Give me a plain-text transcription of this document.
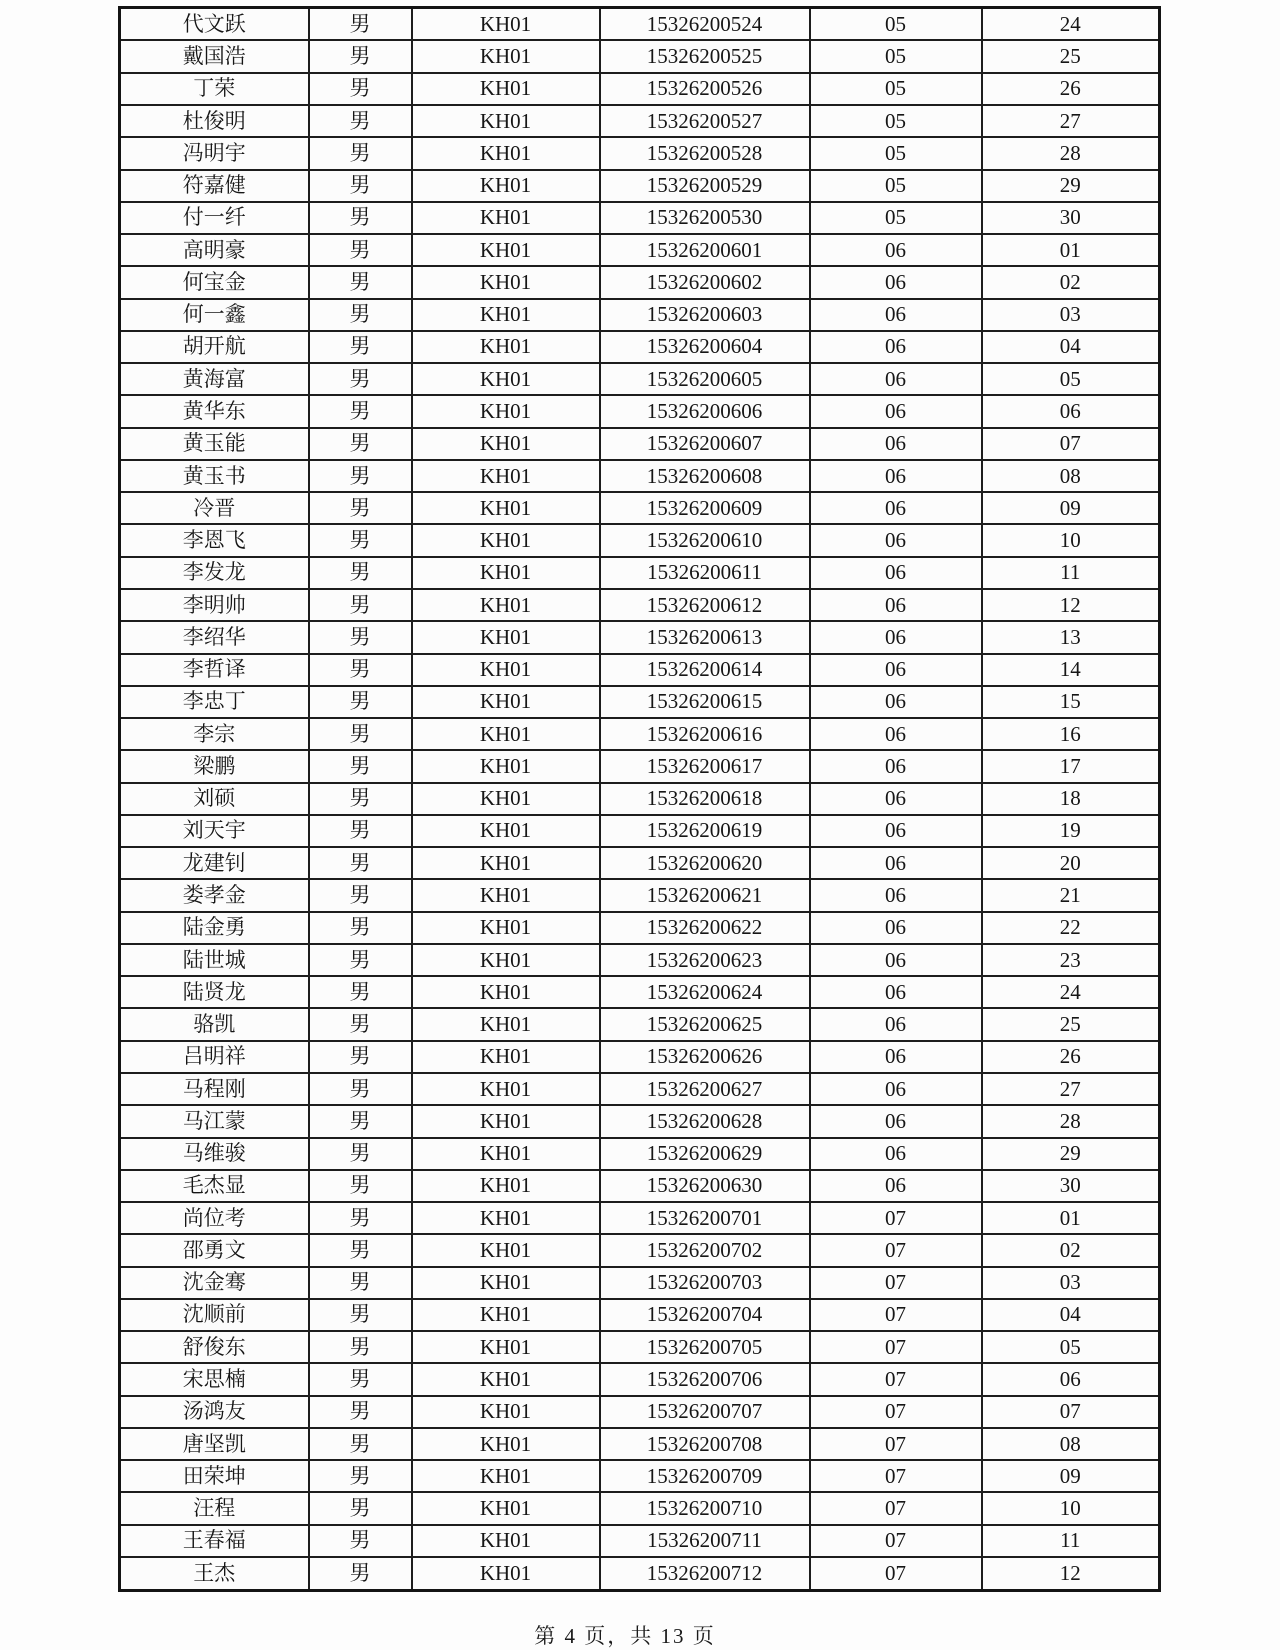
代文跃	男	KH01	15326200524	05	24
戴国浩	男	KH01	15326200525	05	25
丁荣	男	KH01	15326200526	05	26
杜俊明	男	KH01	15326200527	05	27
冯明宇	男	KH01	15326200528	05	28
符嘉健	男	KH01	15326200529	05	29
付一纤	男	KH01	15326200530	05	30
高明豪	男	KH01	15326200601	06	01
何宝金	男	KH01	15326200602	06	02
何一鑫	男	KH01	15326200603	06	03
胡开航	男	KH01	15326200604	06	04
黄海富	男	KH01	15326200605	06	05
黄华东	男	KH01	15326200606	06	06
黄玉能	男	KH01	15326200607	06	07
黄玉书	男	KH01	15326200608	06	08
冷晋	男	KH01	15326200609	06	09
李恩飞	男	KH01	15326200610	06	10
李发龙	男	KH01	15326200611	06	11
李明帅	男	KH01	15326200612	06	12
李绍华	男	KH01	15326200613	06	13
李哲译	男	KH01	15326200614	06	14
李忠丁	男	KH01	15326200615	06	15
李宗	男	KH01	15326200616	06	16
梁鹏	男	KH01	15326200617	06	17
刘硕	男	KH01	15326200618	06	18
刘天宇	男	KH01	15326200619	06	19
龙建钊	男	KH01	15326200620	06	20
娄孝金	男	KH01	15326200621	06	21
陆金勇	男	KH01	15326200622	06	22
陆世城	男	KH01	15326200623	06	23
陆贤龙	男	KH01	15326200624	06	24
骆凯	男	KH01	15326200625	06	25
吕明祥	男	KH01	15326200626	06	26
马程刚	男	KH01	15326200627	06	27
马江蒙	男	KH01	15326200628	06	28
马维骏	男	KH01	15326200629	06	29
毛杰显	男	KH01	15326200630	06	30
尚位考	男	KH01	15326200701	07	01
邵勇文	男	KH01	15326200702	07	02
沈金骞	男	KH01	15326200703	07	03
沈顺前	男	KH01	15326200704	07	04
舒俊东	男	KH01	15326200705	07	05
宋思楠	男	KH01	15326200706	07	06
汤鸿友	男	KH01	15326200707	07	07
唐坚凯	男	KH01	15326200708	07	08
田荣坤	男	KH01	15326200709	07	09
汪程	男	KH01	15326200710	07	10
王春福	男	KH01	15326200711	07	11
王杰	男	KH01	15326200712	07	12
第 4 页，共 13 页
